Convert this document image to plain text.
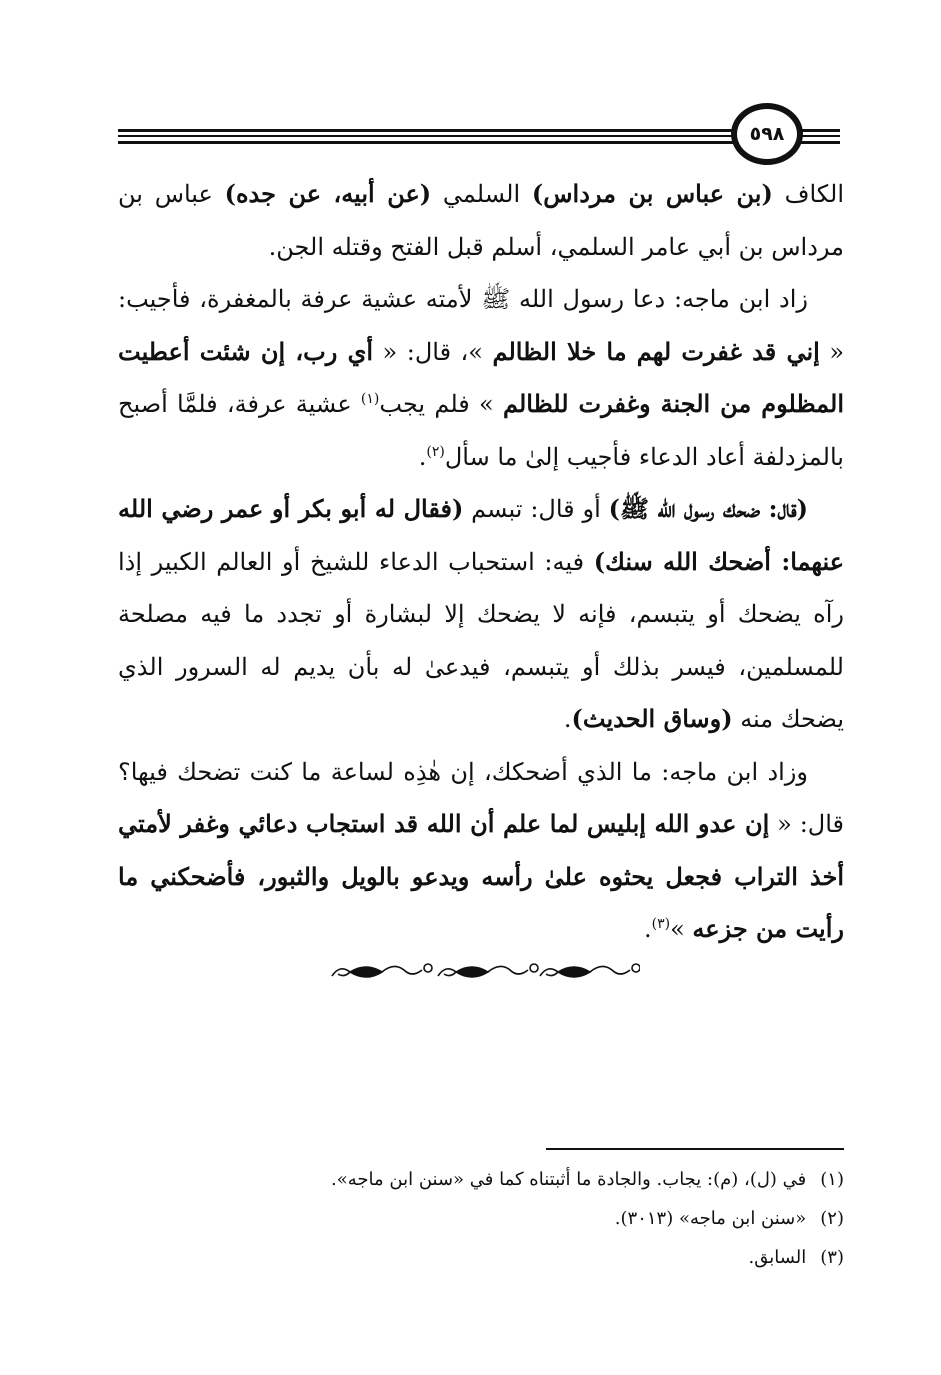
٥٩٨

الكاف (بن عباس بن مرداس) السلمي (عن أبيه، عن جده) عباس بن مرداس بن أبي عامر السلمي، أسلم قبل الفتح وقتله الجن.

زاد ابن ماجه: دعا رسول الله ﷺ لأمته عشية عرفة بالمغفرة، فأجيب: « إني قد غفرت لهم ما خلا الظالم »، قال: « أي رب، إن شئت أعطيت المظلوم من الجنة وغفرت للظالم » فلم يجب$^{(١)}$ عشية عرفة، فلمَّا أصبح بالمزدلفة أعاد الدعاء فأجيب إلىٰ ما سأل$^{(٢)}$.

(قال: ضحك رسول الله ﷺ) أو قال: تبسم (فقال له أبو بكر أو عمر رضي الله عنهما: أضحك الله سنك) فيه: استحباب الدعاء للشيخ أو العالم الكبير إذا رآه يضحك أو يتبسم، فإنه لا يضحك إلا لبشارة أو تجدد ما فيه مصلحة للمسلمين، فيسر بذلك أو يتبسم، فيدعىٰ له بأن يديم له السرور الذي يضحك منه (وساق الحديث).

وزاد ابن ماجه: ما الذي أضحكك، إن هٰذِه لساعة ما كنت تضحك فيها؟ قال: « إن عدو الله إبليس لما علم أن الله قد استجاب دعائي وغفر لأمتي أخذ التراب فجعل يحثوه علىٰ رأسه ويدعو بالويل والثبور، فأضحكني ما رأيت من جزعه »$^{(٣)}$.

(١)في (ل)، (م): يجاب. والجادة ما أثبتناه كما في «سنن ابن ماجه».

(٢)«سنن ابن ماجه» (٣٠١٣).

(٣)السابق.
